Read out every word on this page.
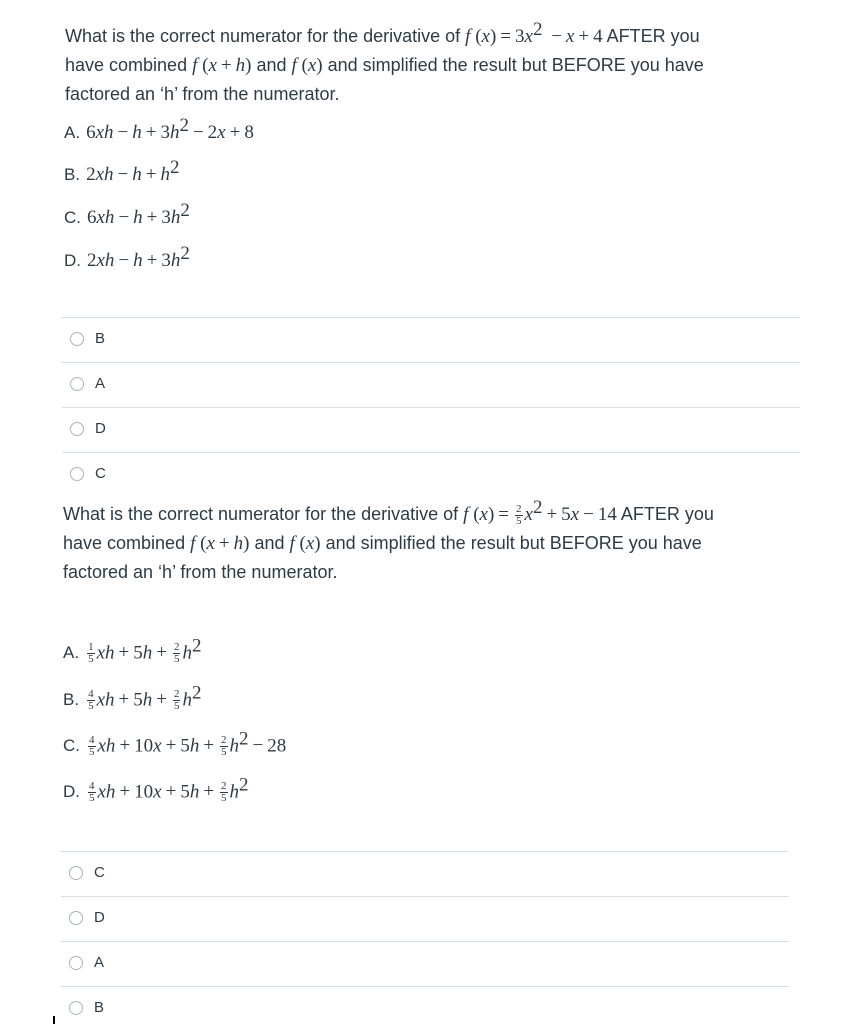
What is the correct numerator for the derivative of f $(x) = 3x^2 - x + 4$ AFTER you
have combined f (x + h) and f (x) and simplified the result but BEFORE you have
factored an ‘h’ from the numerator.
A. $6xh - h + 3h^2 - 2x + 8$
B. $2xh - h + h^2$
C. $6xh - h + 3h^2$
D. $2xh - h + 3h^2$
B
A
D
C
What is the correct numerator for the derivative of f $(x) = \frac{2}{5} x^2 + 5x - 14$ AFTER you
have combined f (x + h) and f (x) and simplified the result but BEFORE you have
factored an ‘h’ from the numerator.
A. $\frac{1}{5}$ xh + $5h + \frac{2}{5} h^2$
B. $\frac{4}{5}$ xh + $5h + \frac{2}{5} h^2$
C. $\frac{4}{5}$ xh + $10x + 5h + \frac{2}{5} h^2 - 28$
D. $\frac{4}{5}$ xh + $10x + 5h + \frac{2}{5} h^2$
C
D
A
B
